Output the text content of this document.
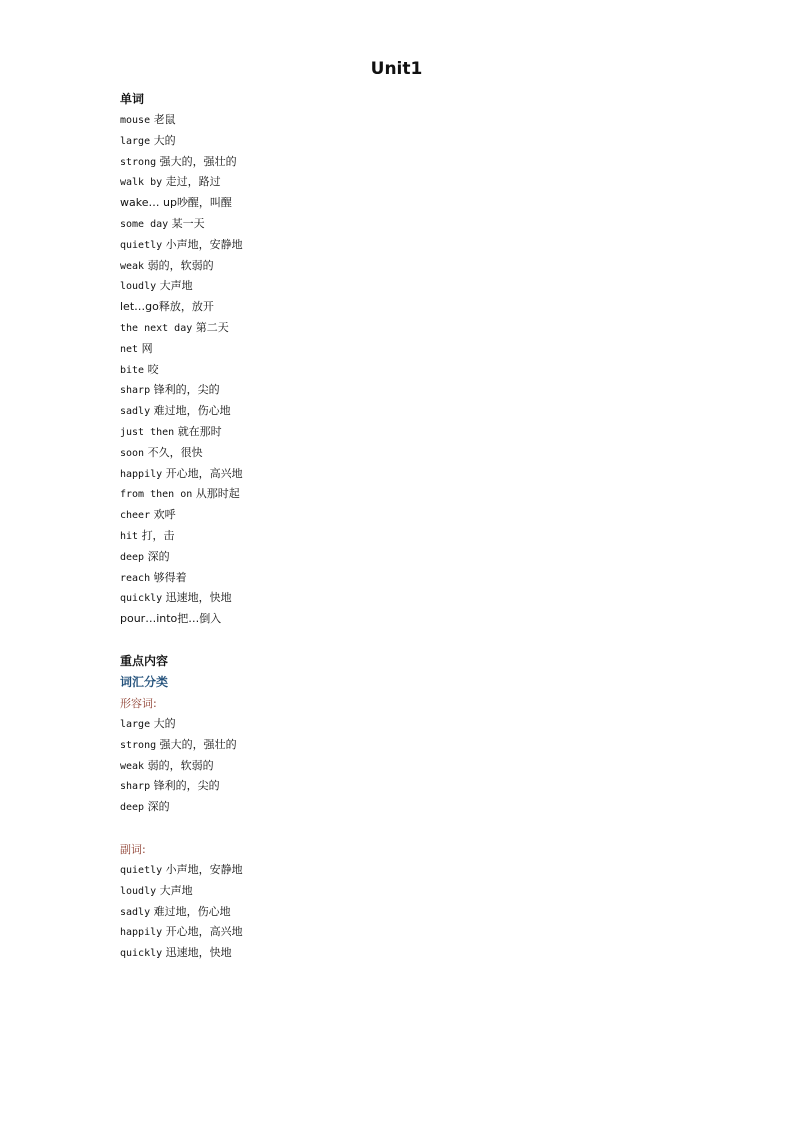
Unit1
单词
mouse 老鼠
large 大的
strong 强大的，强壮的
walk by 走过，路过
wake… up吵醒，叫醒
some day 某一天
quietly 小声地，安静地
weak 弱的，软弱的
loudly 大声地
let…go释放，放开
the next day 第二天
net 网
bite 咬
sharp 锋利的，尖的
sadly 难过地，伤心地
just then 就在那时
soon 不久，很快
happily 开心地，高兴地
from then on 从那时起
cheer 欢呼
hit 打，击
deep 深的
reach 够得着
quickly 迅速地，快地
pour…into把…倒入
重点内容
词汇分类
形容词:
large 大的
strong 强大的，强壮的
weak 弱的，软弱的
sharp 锋利的，尖的
deep 深的
副词:
quietly 小声地，安静地
loudly 大声地
sadly 难过地，伤心地
happily 开心地，高兴地
quickly 迅速地，快地
